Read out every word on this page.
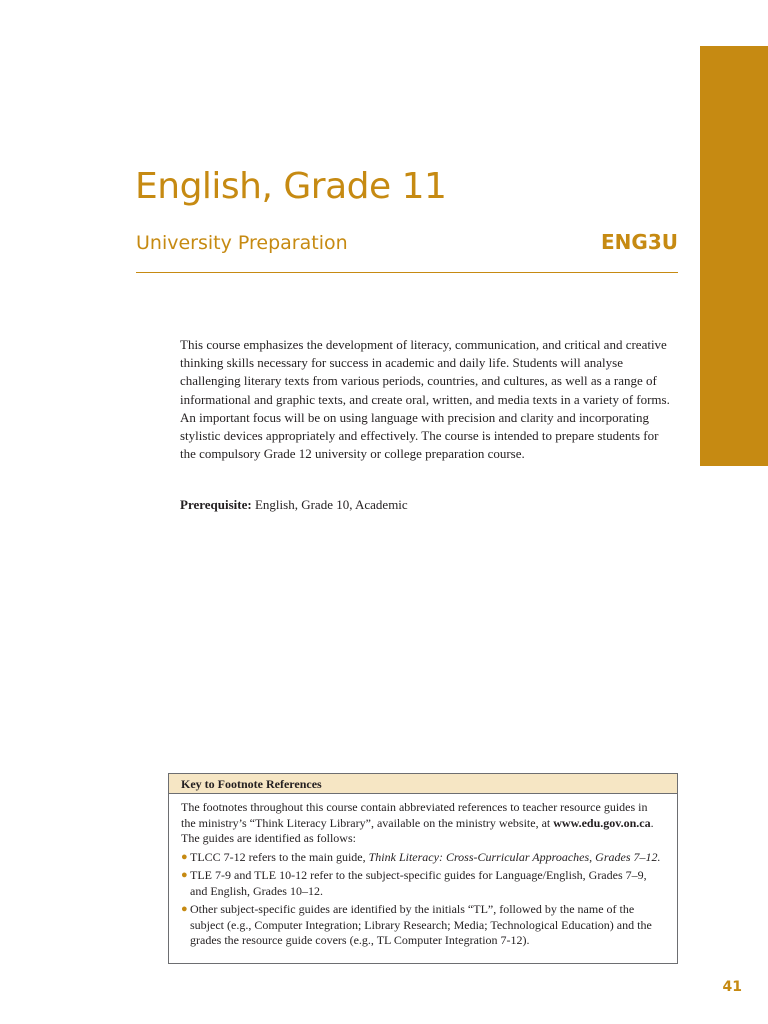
English, Grade 11
University Preparation	ENG3U

This course emphasizes the development of literacy, communication, and critical and creative thinking skills necessary for success in academic and daily life. Students will analyse challenging literary texts from various periods, countries, and cultures, as well as a range of informational and graphic texts, and create oral, written, and media texts in a variety of forms. An important focus will be on using language with precision and clarity and incorporating stylistic devices appropriately and effectively. The course is intended to prepare students for the compulsory Grade 12 university or college preparation course.

Prerequisite: English, Grade 10, Academic

Key to Footnote References

The footnotes throughout this course contain abbreviated references to teacher resource guides in the ministry’s “Think Literacy Library”, available on the ministry website, at www.edu.gov.on.ca. The guides are identified as follows:

● TLCC 7-12 refers to the main guide, Think Literacy: Cross-Curricular Approaches, Grades 7–12.
● TLE 7-9 and TLE 10-12 refer to the subject-specific guides for Language/English, Grades 7–9, and English, Grades 10–12.
● Other subject-specific guides are identified by the initials “TL”, followed by the name of the subject (e.g., Computer Integration; Library Research; Media; Technological Education) and the grades the resource guide covers (e.g., TL Computer Integration 7-12).
41
